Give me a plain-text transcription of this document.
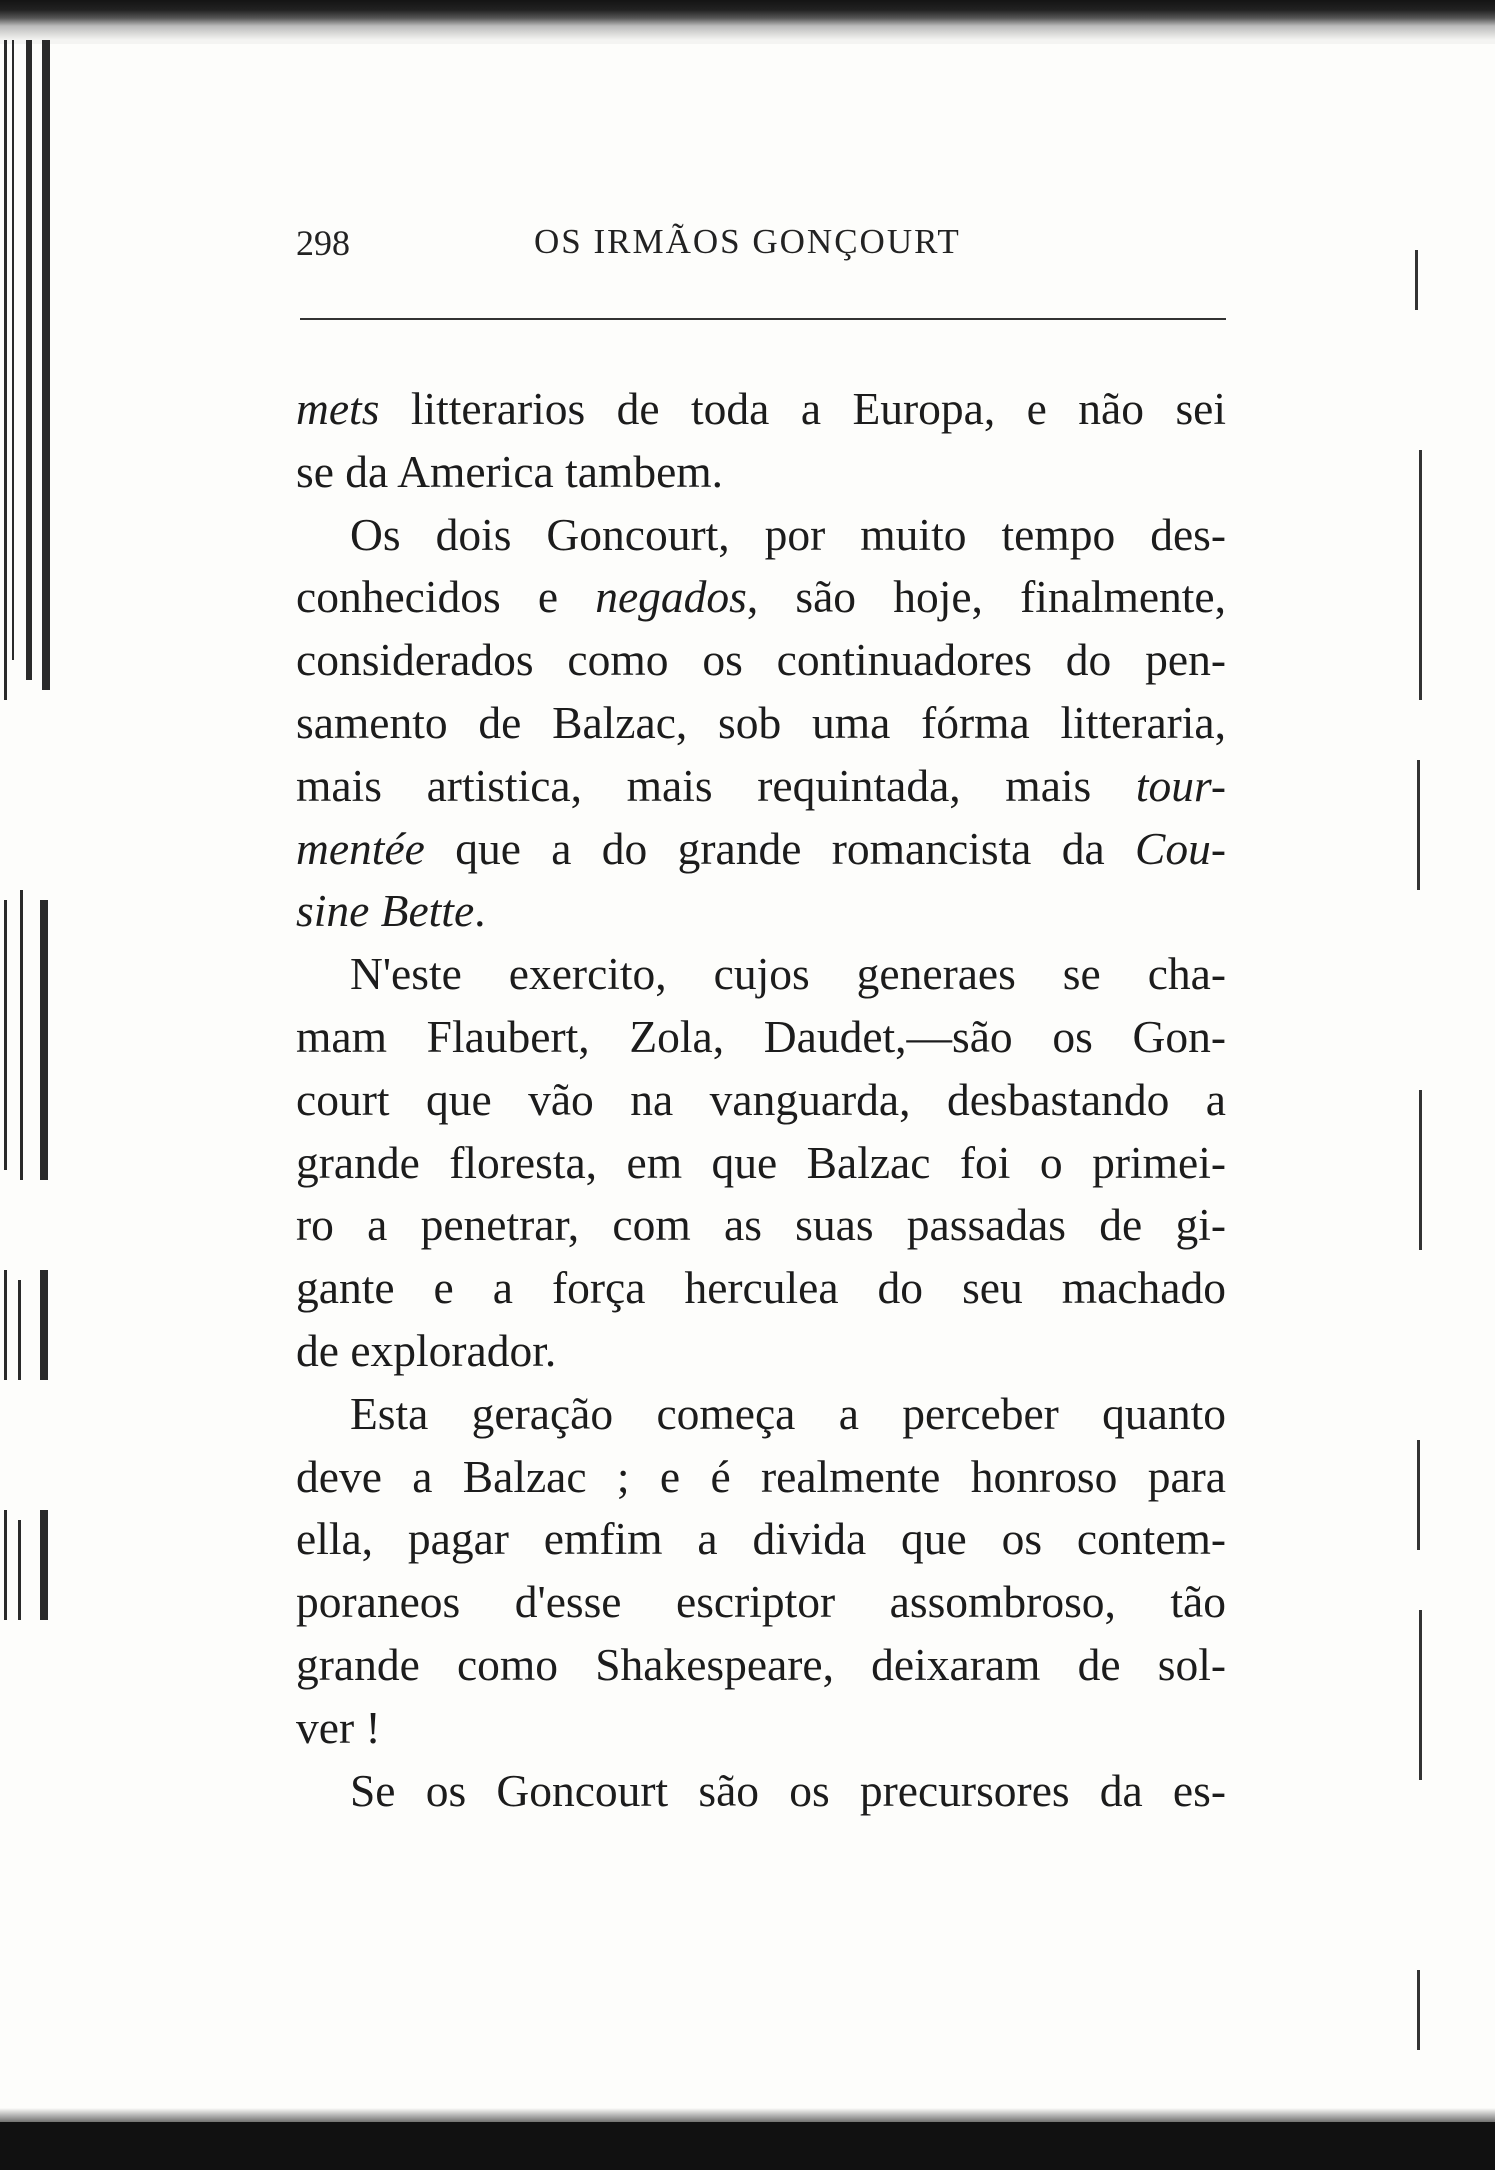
298	OS IRMÃOS GONÇOURT
mets litterarios de toda a Europa, e não sei
se da America tambem.
Os dois Goncourt, por muito tempo des-
conhecidos e negados, são hoje, finalmente,
considerados como os continuadores do pen-
samento de Balzac, sob uma fórma litteraria,
mais artistica, mais requintada, mais tour-
mentée que a do grande romancista da Cou-
sine Bette.
N'este exercito, cujos generaes se cha-
mam Flaubert, Zola, Daudet,—são os Gon-
court que vão na vanguarda, desbastando a
grande floresta, em que Balzac foi o primei-
ro a penetrar, com as suas passadas de gi-
gante e a força herculea do seu machado
de explorador.
Esta geração começa a perceber quanto
deve a Balzac ; e é realmente honroso para
ella, pagar emfim a divida que os contem-
poraneos d'esse escriptor assombroso, tão
grande como Shakespeare, deixaram de sol-
ver !
Se os Goncourt são os precursores da es-
